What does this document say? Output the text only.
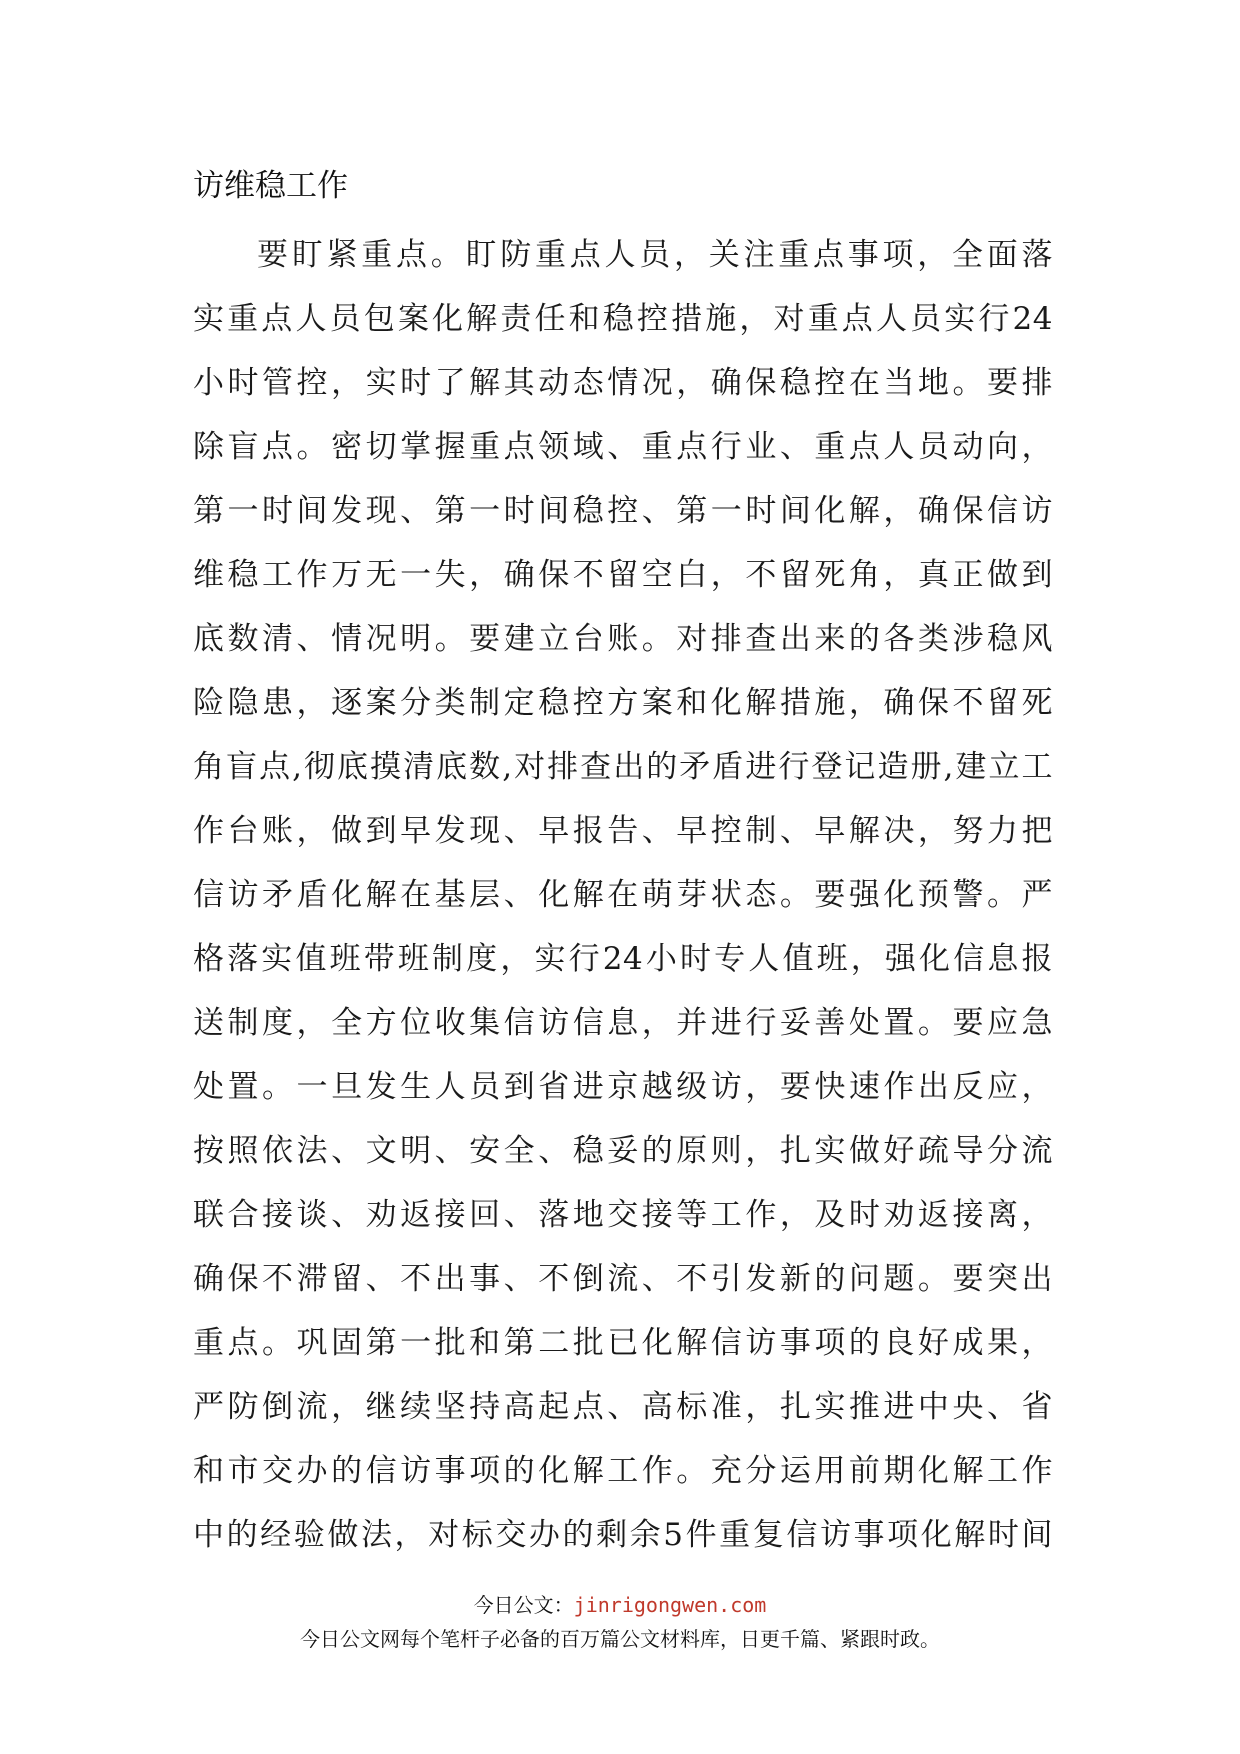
访维稳工作
要盯紧重点。盯防重点人员，关注重点事项，全面落
实重点人员包案化解责任和稳控措施，对重点人员实行24
小时管控，实时了解其动态情况，确保稳控在当地。要排
除盲点。密切掌握重点领域、重点行业、重点人员动向，
第一时间发现、第一时间稳控、第一时间化解，确保信访
维稳工作万无一失，确保不留空白，不留死角，真正做到
底数清、情况明。要建立台账。对排查出来的各类涉稳风
险隐患，逐案分类制定稳控方案和化解措施，确保不留死
角盲点,彻底摸清底数,对排查出的矛盾进行登记造册,建立工
作台账，做到早发现、早报告、早控制、早解决，努力把
信访矛盾化解在基层、化解在萌芽状态。要强化预警。严
格落实值班带班制度，实行24小时专人值班，强化信息报
送制度，全方位收集信访信息，并进行妥善处置。要应急
处置。一旦发生人员到省进京越级访，要快速作出反应，
按照依法、文明、安全、稳妥的原则，扎实做好疏导分流
联合接谈、劝返接回、落地交接等工作，及时劝返接离，
确保不滞留、不出事、不倒流、不引发新的问题。要突出
重点。巩固第一批和第二批已化解信访事项的良好成果，
严防倒流，继续坚持高起点、高标准，扎实推进中央、省
和市交办的信访事项的化解工作。充分运用前期化解工作
中的经验做法，对标交办的剩余5件重复信访事项化解时间
今日公文：jinrigongwen.com
今日公文网每个笔杆子必备的百万篇公文材料库，日更千篇、紧跟时政。
